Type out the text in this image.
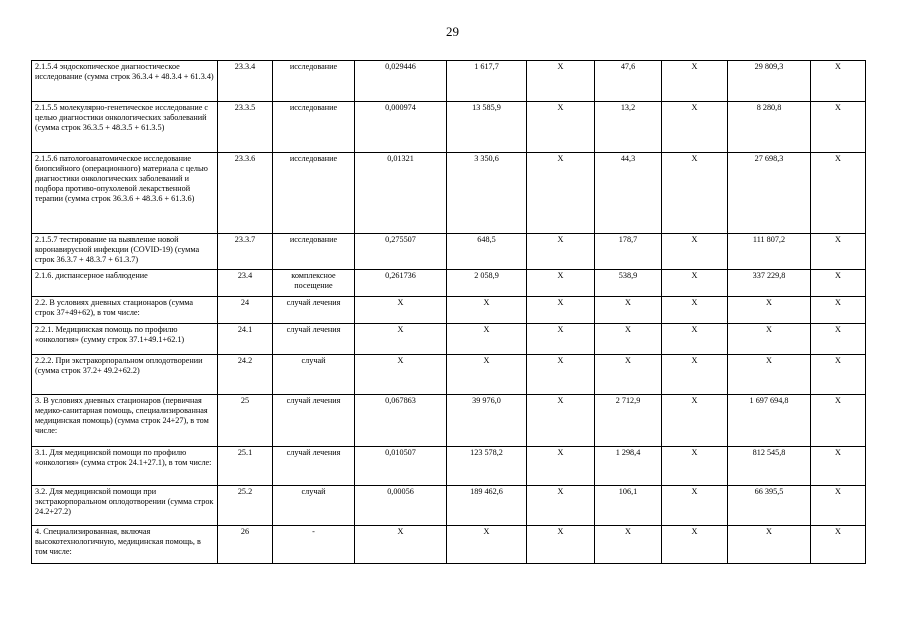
29
2.1.5.4 эндоскопическое диагностическое исследование (сумма строк 36.3.4 + 48.3.4 + 61.3.4)	23.3.4	исследование	0,029446	1 617,7	X	47,6	X	29 809,3	X
2.1.5.5 молекулярно-генетическое исследование с целью диагностики онкологических заболеваний (сумма строк 36.3.5 + 48.3.5 + 61.3.5)	23.3.5	исследование	0,000974	13 585,9	X	13,2	X	8 280,8	X
2.1.5.6 патологоанатомическое исследование биопсийного (операционного) материала с целью диагностики онкологических заболеваний и подбора противо-опухолевой лекарственной терапии (сумма строк 36.3.6 + 48.3.6 + 61.3.6)	23.3.6	исследование	0,01321	3 350,6	X	44,3	X	27 698,3	X
2.1.5.7 тестирование на выявление новой коронавирусной инфекции (COVID-19) (сумма строк 36.3.7 + 48.3.7 + 61.3.7)	23.3.7	исследование	0,275507	648,5	X	178,7	X	111 807,2	X
2.1.6. диспансерное наблюдение	23.4	комплексное посещение	0,261736	2 058,9	X	538,9	X	337 229,8	X
2.2. В условиях дневных стационаров (сумма строк 37+49+62), в том числе:	24	случай лечения	X	X	X	X	X	X	X
2.2.1. Медицинская помощь по профилю «онкология» (сумму строк 37.1+49.1+62.1)	24.1	случай лечения	X	X	X	X	X	X	X
2.2.2. При экстракорпоральном оплодотворении (сумма строк 37.2+ 49.2+62.2)	24.2	случай	X	X	X	X	X	X	X
3. В условиях дневных стационаров (первичная медико-санитарная помощь, специализированная медицинская помощь) (сумма строк 24+27), в том числе:	25	случай лечения	0,067863	39 976,0	X	2 712,9	X	1 697 694,8	X
3.1. Для медицинской помощи по профилю «онкология» (сумма строк 24.1+27.1), в том числе:	25.1	случай лечения	0,010507	123 578,2	X	1 298,4	X	812 545,8	X
3.2. Для медицинской помощи при экстракорпоральном оплодотворении (сумма строк 24.2+27.2)	25.2	случай	0,00056	189 462,6	X	106,1	X	66 395,5	X
4. Специализированная, включая высокотехнологичную, медицинская помощь, в том числе:	26	-	X	X	X	X	X	X	X
